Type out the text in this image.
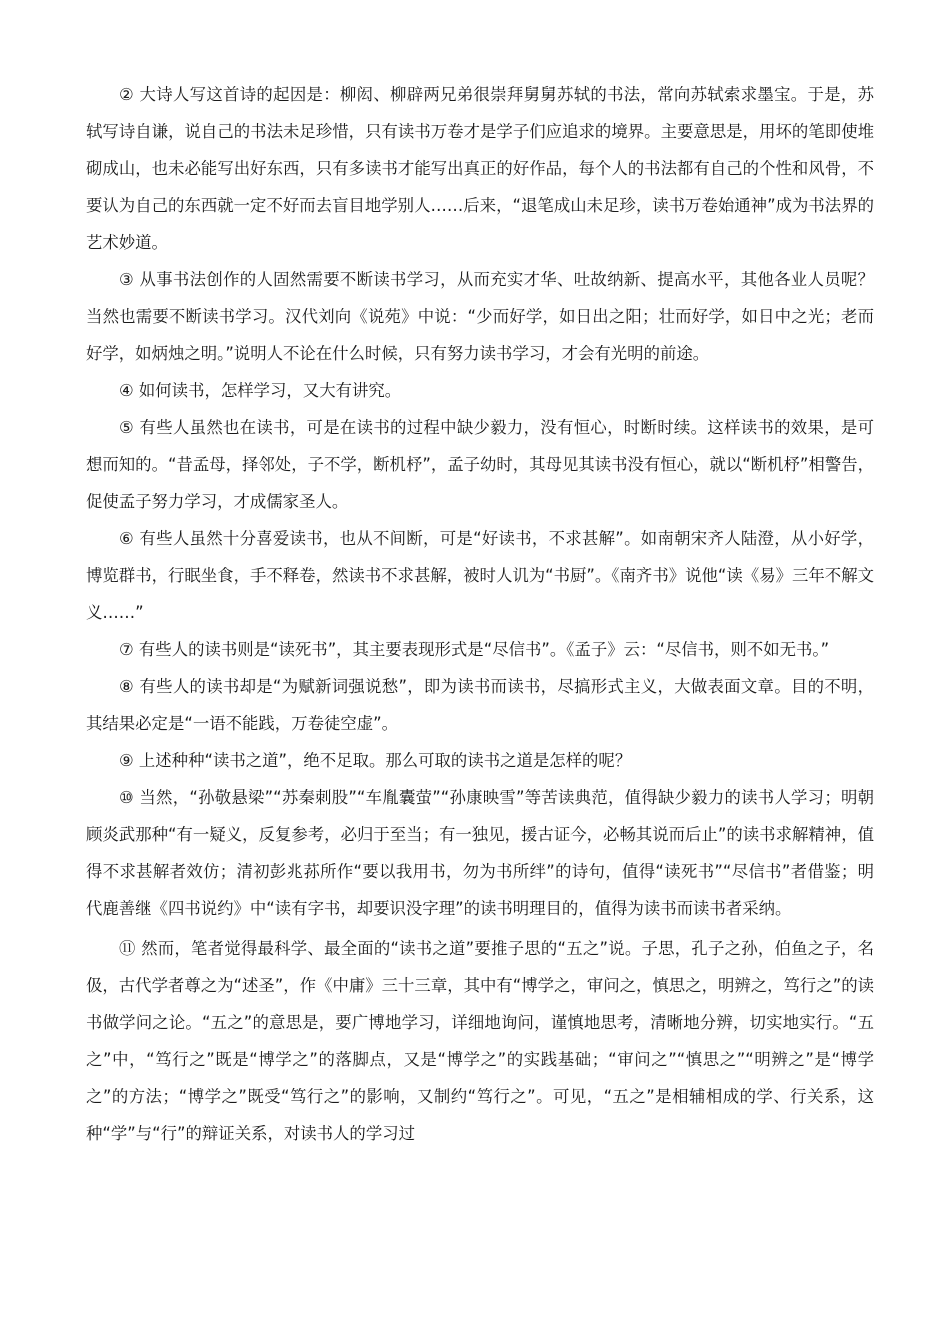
② 大诗人写这首诗的起因是：柳闳、柳辟两兄弟很崇拜舅舅苏轼的书法，常向苏轼索求墨宝。于是，苏轼写诗自谦，说自己的书法未足珍惜，只有读书万卷才是学子们应追求的境界。主要意思是，用坏的笔即使堆砌成山，也未必能写出好东西，只有多读书才能写出真正的好作品，每个人的书法都有自己的个性和风骨，不要认为自己的东西就一定不好而去盲目地学别人……后来，“退笔成山未足珍，读书万卷始通神”成为书法界的艺术妙道。

③ 从事书法创作的人固然需要不断读书学习，从而充实才华、吐故纳新、提高水平，其他各业人员呢？当然也需要不断读书学习。汉代刘向《说苑》中说：“少而好学，如日出之阳；壮而好学，如日中之光；老而好学，如炳烛之明。”说明人不论在什么时候，只有努力读书学习，才会有光明的前途。

④ 如何读书，怎样学习，又大有讲究。

⑤ 有些人虽然也在读书，可是在读书的过程中缺少毅力，没有恒心，时断时续。这样读书的效果，是可想而知的。“昔孟母，择邻处，子不学，断机杼”，孟子幼时，其母见其读书没有恒心，就以“断机杼”相警告，促使孟子努力学习，才成儒家圣人。

⑥ 有些人虽然十分喜爱读书，也从不间断，可是“好读书，不求甚解”。如南朝宋齐人陆澄，从小好学，博览群书，行眠坐食，手不释卷，然读书不求甚解，被时人讥为“书厨”。《南齐书》说他“读《易》三年不解文义……”

⑦ 有些人的读书则是“读死书”，其主要表现形式是“尽信书”。《孟子》云：“尽信书，则不如无书。”

⑧ 有些人的读书却是“为赋新词强说愁”，即为读书而读书，尽搞形式主义，大做表面文章。目的不明，其结果必定是“一语不能践，万卷徒空虚”。

⑨ 上述种种“读书之道”，绝不足取。那么可取的读书之道是怎样的呢？

⑩ 当然，“孙敬悬梁”“苏秦刺股”“车胤囊萤”“孙康映雪”等苦读典范，值得缺少毅力的读书人学习；明朝顾炎武那种“有一疑义，反复参考，必归于至当；有一独见，援古证今，必畅其说而后止”的读书求解精神，值得不求甚解者效仿；清初彭兆荪所作“要以我用书，勿为书所绊”的诗句，值得“读死书”“尽信书”者借鉴；明代鹿善继《四书说约》中“读有字书，却要识没字理”的读书明理目的，值得为读书而读书者采纳。

⑪ 然而，笔者觉得最科学、最全面的“读书之道”要推子思的“五之”说。子思，孔子之孙，伯鱼之子，名伋，古代学者尊之为“述圣”，作《中庸》三十三章，其中有“博学之，审问之，慎思之，明辨之，笃行之”的读书做学问之论。“五之”的意思是，要广博地学习，详细地询问，谨慎地思考，清晰地分辨，切实地实行。“五之”中，“笃行之”既是“博学之”的落脚点，又是“博学之”的实践基础；“审问之”“慎思之”“明辨之”是“博学之”的方法；“博学之”既受“笃行之”的影响，又制约“笃行之”。可见，“五之”是相辅相成的学、行关系，这种“学”与“行”的辩证关系，对读书人的学习过
